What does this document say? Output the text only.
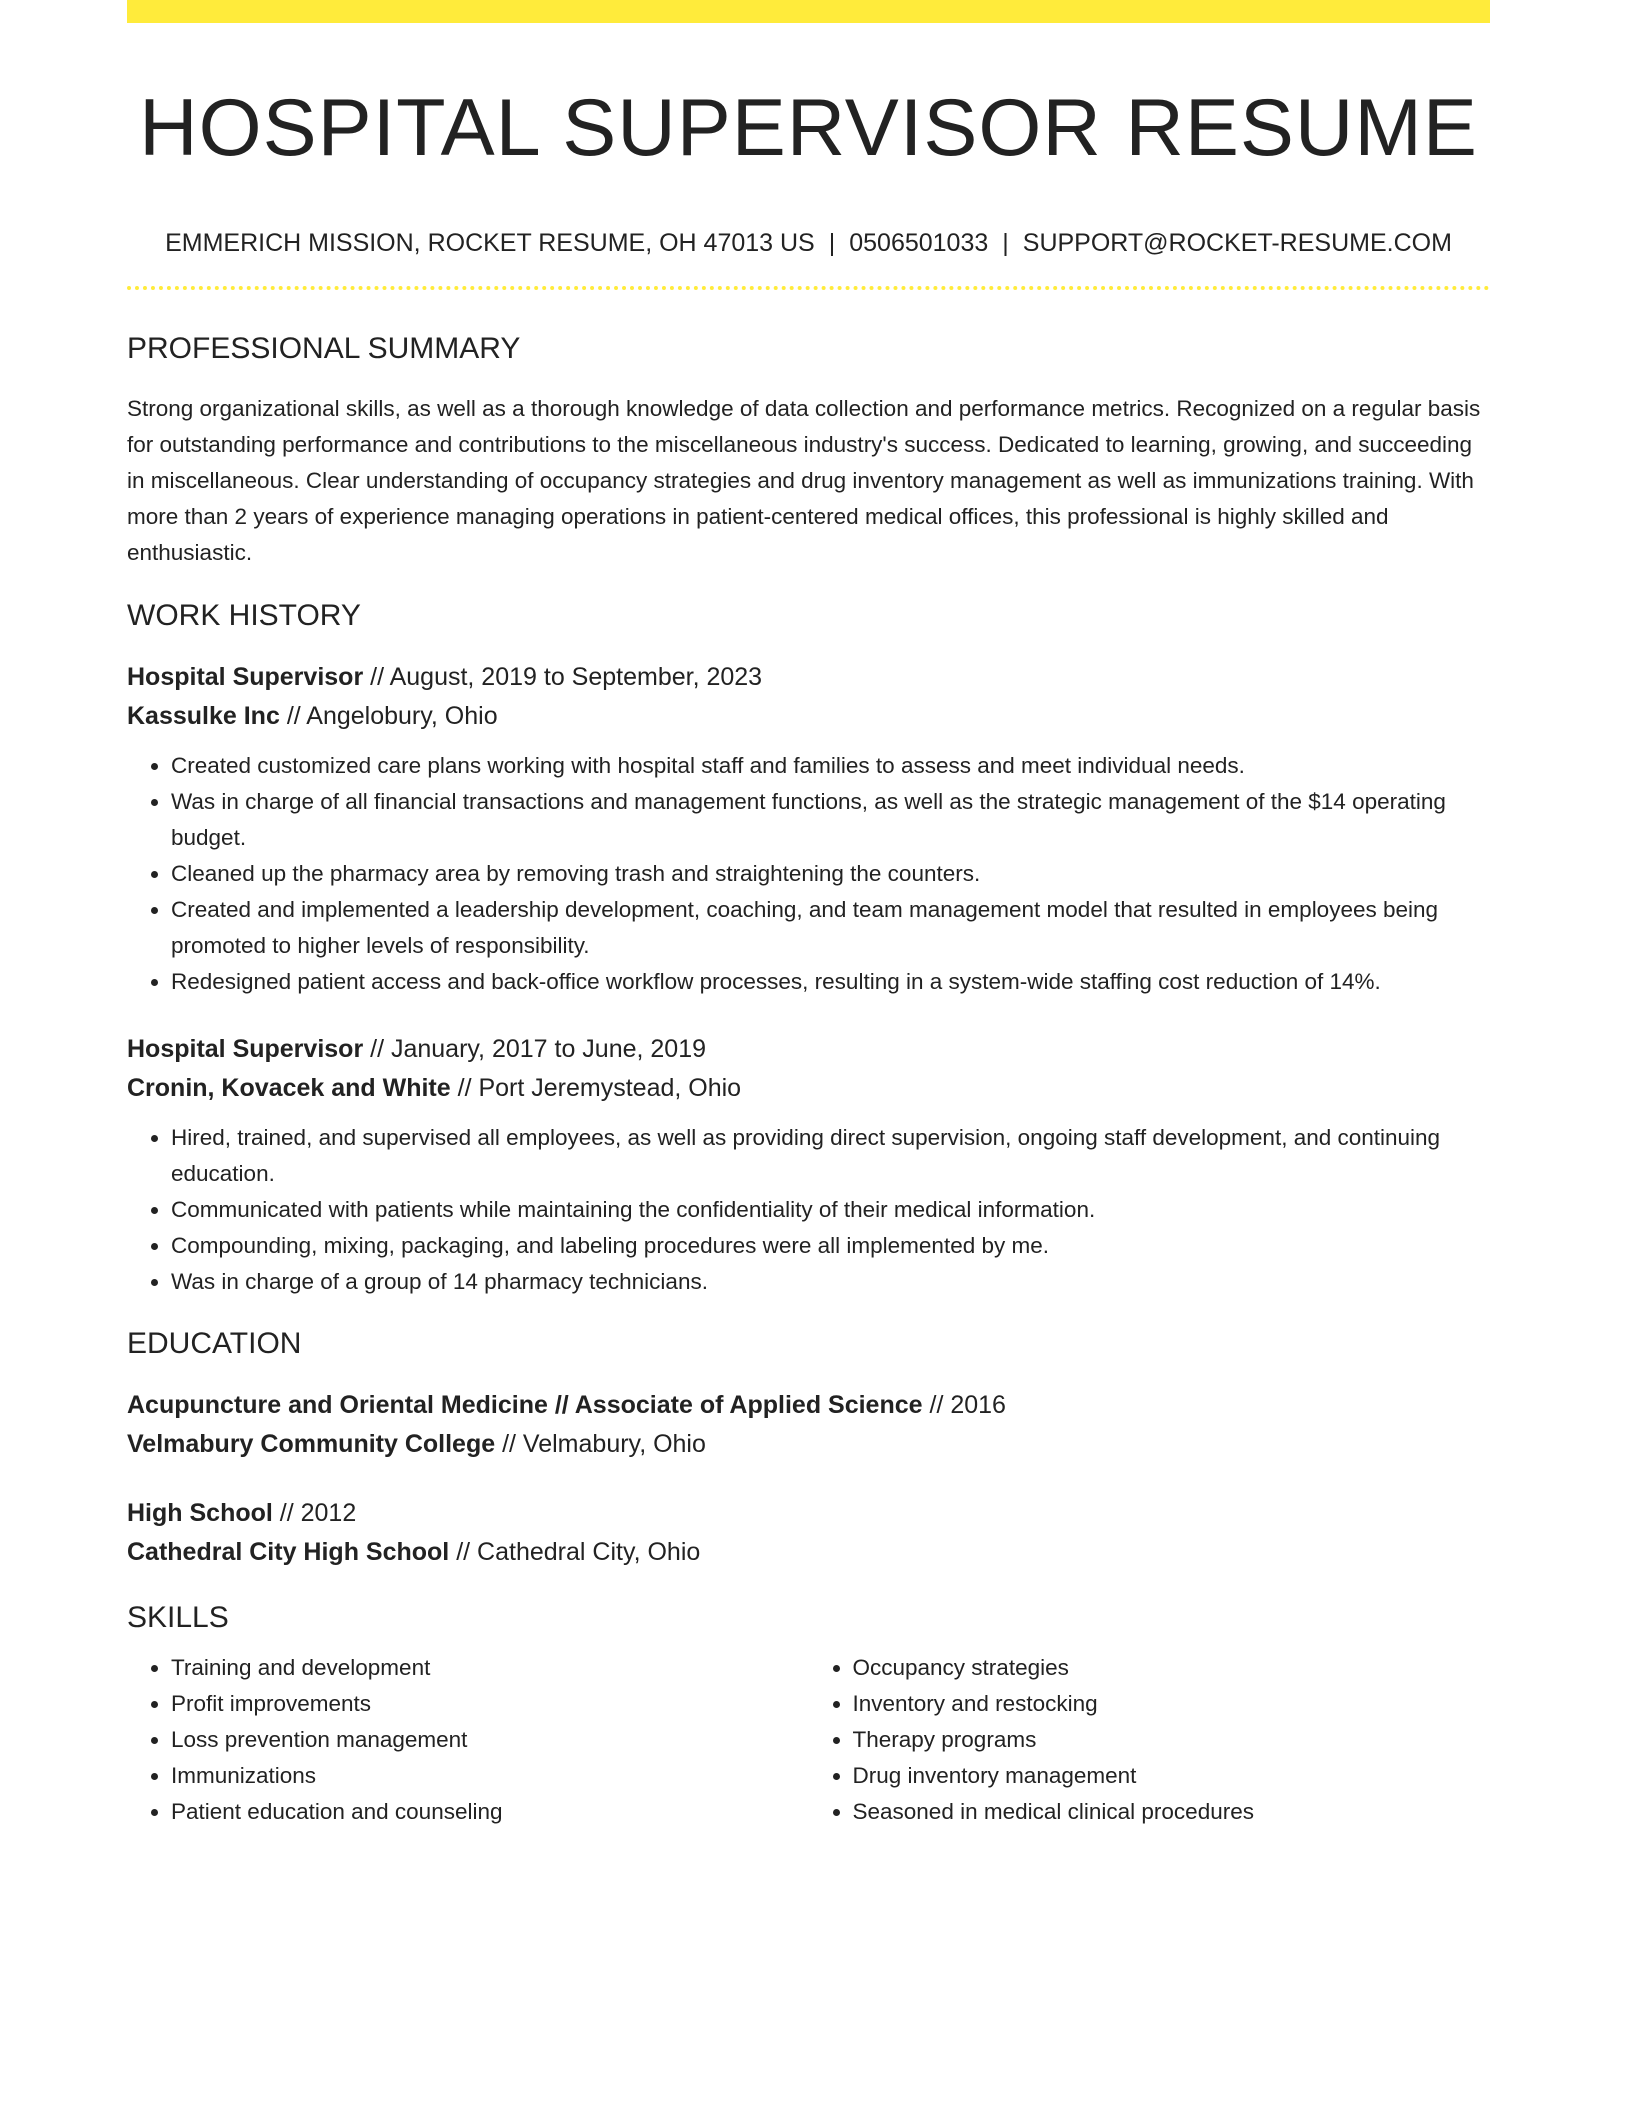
HOSPITAL SUPERVISOR RESUME
EMMERICH MISSION, ROCKET RESUME, OH 47013 US | 0506501033 | SUPPORT@ROCKET-RESUME.COM
PROFESSIONAL SUMMARY

Strong organizational skills, as well as a thorough knowledge of data collection and performance metrics. Recognized on a regular basis for outstanding performance and contributions to the miscellaneous industry's success. Dedicated to learning, growing, and succeeding in miscellaneous. Clear understanding of occupancy strategies and drug inventory management as well as immunizations training. With more than 2 years of experience managing operations in patient-centered medical offices, this professional is highly skilled and enthusiastic.

WORK HISTORY
Hospital Supervisor // August, 2019 to September, 2023
Kassulke Inc // Angelobury, Ohio
• Created customized care plans working with hospital staff and families to assess and meet individual needs.
• Was in charge of all financial transactions and management functions, as well as the strategic management of the $14 operating budget.
• Cleaned up the pharmacy area by removing trash and straightening the counters.
• Created and implemented a leadership development, coaching, and team management model that resulted in employees being promoted to higher levels of responsibility.
• Redesigned patient access and back-office workflow processes, resulting in a system-wide staffing cost reduction of 14%.
Hospital Supervisor // January, 2017 to June, 2019
Cronin, Kovacek and White // Port Jeremystead, Ohio
• Hired, trained, and supervised all employees, as well as providing direct supervision, ongoing staff development, and continuing education.
• Communicated with patients while maintaining the confidentiality of their medical information.
• Compounding, mixing, packaging, and labeling procedures were all implemented by me.
• Was in charge of a group of 14 pharmacy technicians.
EDUCATION
Acupuncture and Oriental Medicine // Associate of Applied Science // 2016
Velmabury Community College // Velmabury, Ohio
High School // 2012
Cathedral City High School // Cathedral City, Ohio
SKILLS
• Training and development
• Profit improvements
• Loss prevention management
• Immunizations
• Patient education and counseling
• Occupancy strategies
• Inventory and restocking
• Therapy programs
• Drug inventory management
• Seasoned in medical clinical procedures
